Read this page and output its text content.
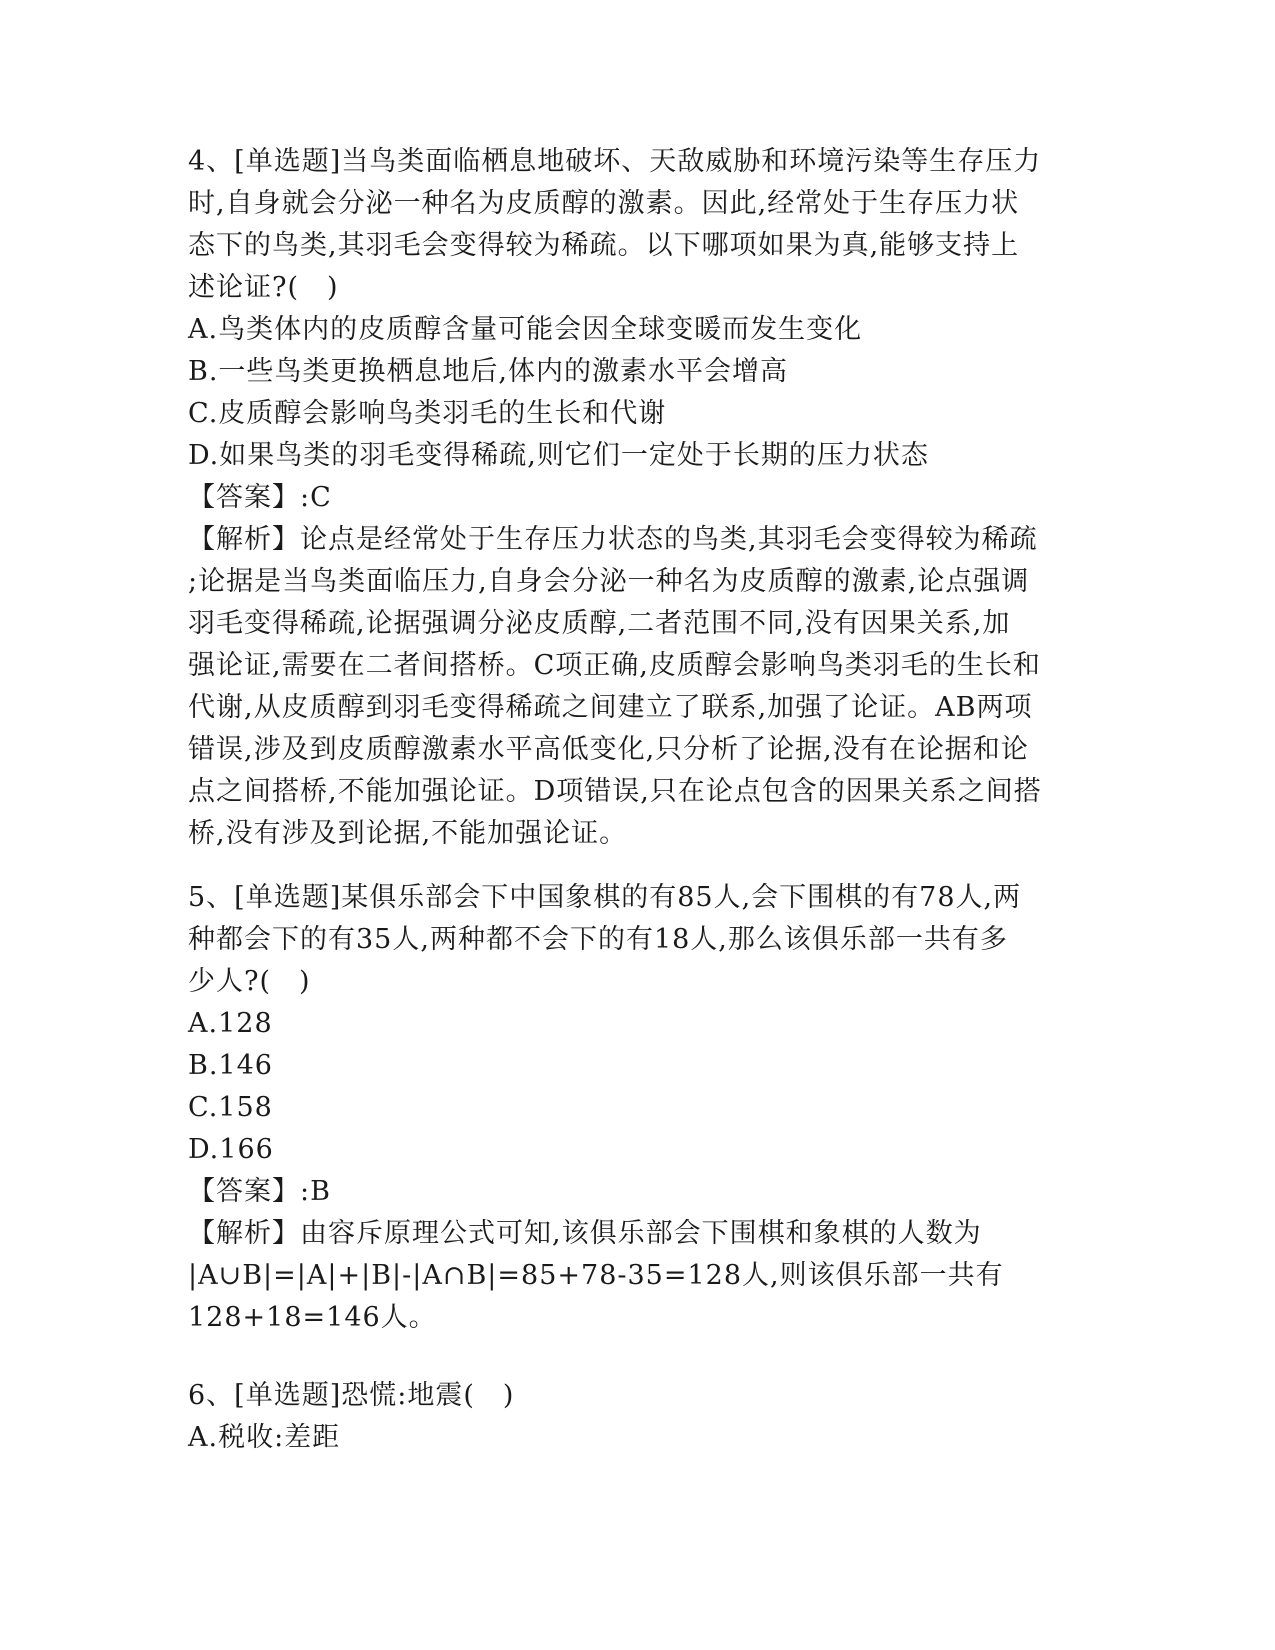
4、[单选题]当鸟类面临栖息地破坏、天敌威胁和环境污染等生存压力
时,自身就会分泌一种名为皮质醇的激素。因此,经常处于生存压力状
态下的鸟类,其羽毛会变得较为稀疏。以下哪项如果为真,能够支持上
述论证?(　)
A.鸟类体内的皮质醇含量可能会因全球变暖而发生变化
B.一些鸟类更换栖息地后,体内的激素水平会增高
C.皮质醇会影响鸟类羽毛的生长和代谢
D.如果鸟类的羽毛变得稀疏,则它们一定处于长期的压力状态
【答案】:C
【解析】论点是经常处于生存压力状态的鸟类,其羽毛会变得较为稀疏
;论据是当鸟类面临压力,自身会分泌一种名为皮质醇的激素,论点强调
羽毛变得稀疏,论据强调分泌皮质醇,二者范围不同,没有因果关系,加
强论证,需要在二者间搭桥。C项正确,皮质醇会影响鸟类羽毛的生长和
代谢,从皮质醇到羽毛变得稀疏之间建立了联系,加强了论证。AB两项
错误,涉及到皮质醇激素水平高低变化,只分析了论据,没有在论据和论
点之间搭桥,不能加强论证。D项错误,只在论点包含的因果关系之间搭
桥,没有涉及到论据,不能加强论证。
5、[单选题]某俱乐部会下中国象棋的有85人,会下围棋的有78人,两
种都会下的有35人,两种都不会下的有18人,那么该俱乐部一共有多
少人?(　)
A.128
B.146
C.158
D.166
【答案】:B
【解析】由容斥原理公式可知,该俱乐部会下围棋和象棋的人数为
|A∪B|=|A|+|B|-|A∩B|=85+78-35=128人,则该俱乐部一共有
128+18=146人。
6、[单选题]恐慌:地震(　)
A.税收:差距
